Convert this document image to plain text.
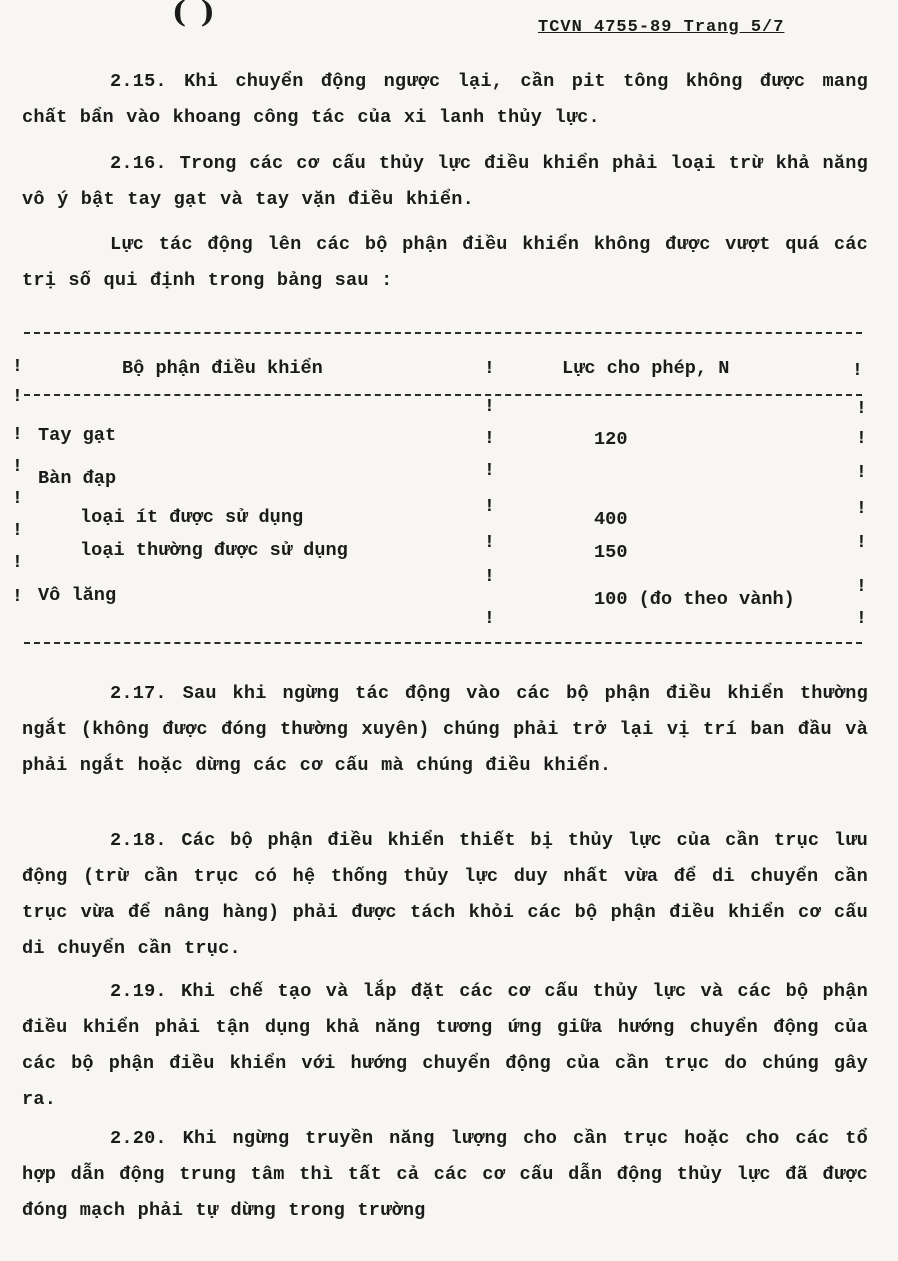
( )	TCVN 4755-89 Trang 5/7
2.15. Khi chuyển động ngược lại, cần pit tông không được mang chất bẩn vào khoang công tác của xi lanh thủy lực.
2.16. Trong các cơ cấu thủy lực điều khiển phải loại trừ khả năng vô ý bật tay gạt và tay vặn điều khiển.
Lực tác động lên các bộ phận điều khiển không được vượt quá các trị số qui định trong bảng sau :
Bộ phận điều khiển	Lực cho phép, N
Tay gạt	120
Bàn đạp
loại ít được sử dụng	400
loại thường được sử dụng	150
Vô lăng	100 (đo theo vành)
!
!
!
!
!
!
!
!
!
!
!
!
!
!
!
!
!
!
!
!
!
!
!
!
2.17. Sau khi ngừng tác động vào các bộ phận điều khiển thường ngắt (không được đóng thường xuyên) chúng phải trở lại vị trí ban đầu và phải ngắt hoặc dừng các cơ cấu mà chúng điều khiển.
2.18. Các bộ phận điều khiển thiết bị thủy lực của cần trục lưu động (trừ cần trục có hệ thống thủy lực duy nhất vừa để di chuyển cần trục vừa để nâng hàng) phải được tách khỏi các bộ phận điều khiển cơ cấu di chuyển cần trục.
2.19. Khi chế tạo và lắp đặt các cơ cấu thủy lực và các bộ phận điều khiển phải tận dụng khả năng tương ứng giữa hướng chuyển động của các bộ phận điều khiển với hướng chuyển động của cần trục do chúng gây ra.
2.20. Khi ngừng truyền năng lượng cho cần trục hoặc cho các tổ hợp dẫn động trung tâm thì tất cả các cơ cấu dẫn động thủy lực đã được đóng mạch phải tự dừng trong trường
